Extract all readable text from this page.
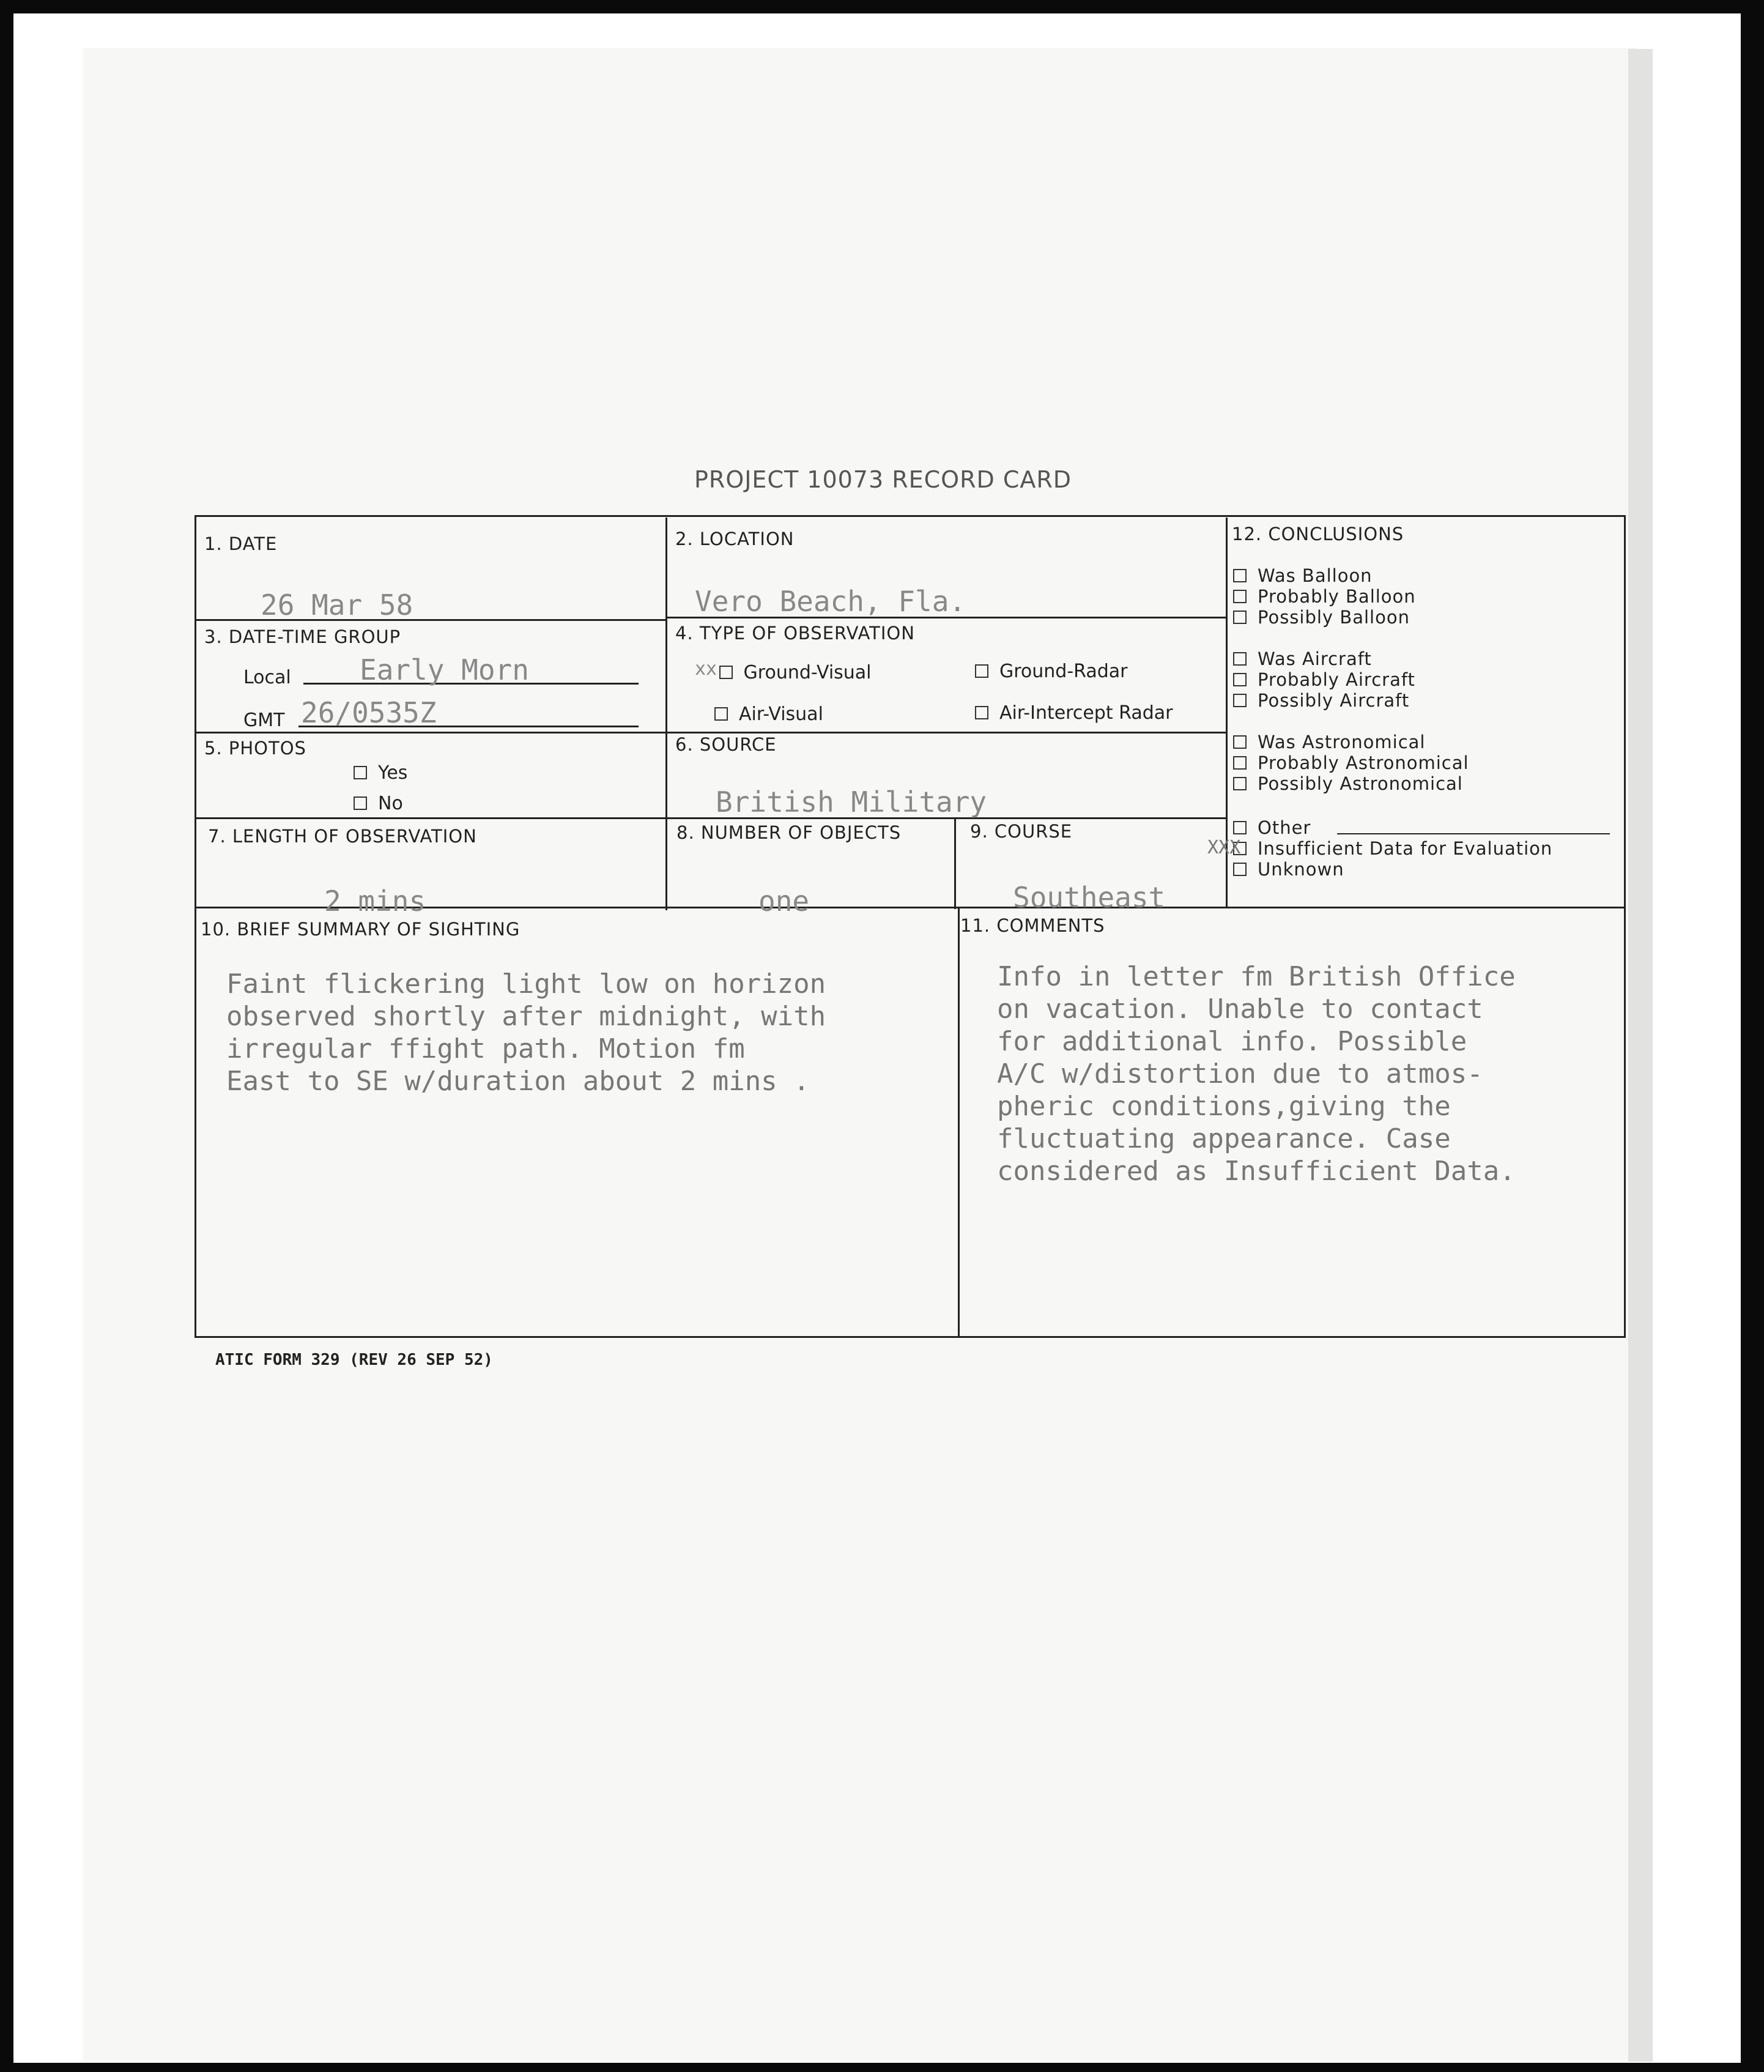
PROJECT 10073 RECORD CARD
1. DATE
26 Mar 58
2. LOCATION
Vero Beach, Fla.
3. DATE-TIME GROUP
Local Early Morn
GMT 26/0535Z
4. TYPE OF OBSERVATION
xx Ground-Visual	Ground-Radar
Air-Visual	Air-Intercept Radar
5. PHOTOS
Yes
No
6. SOURCE
British Military
7. LENGTH OF OBSERVATION
2 mins
8. NUMBER OF OBJECTS
one
9. COURSE
Southeast
10. BRIEF SUMMARY OF SIGHTING
Faint flickering light low on horizon
observed shortly after midnight, with
irregular ffight path. Motion fm
East to SE w/duration about 2 mins .
11. COMMENTS
Info in letter fm British Office
on vacation. Unable to contact
for additional info. Possible
A/C w/distortion due to atmos-
pheric conditions,giving the
fluctuating appearance. Case
considered as Insufficient Data.
12. CONCLUSIONS
Was Balloon
Probably Balloon
Possibly Balloon
Was Aircraft
Probably Aircraft
Possibly Aircraft
Was Astronomical
Probably Astronomical
Possibly Astronomical
Other
Insufficient Data for Evaluation
XXX
Unknown
ATIC FORM 329 (REV 26 SEP 52)
